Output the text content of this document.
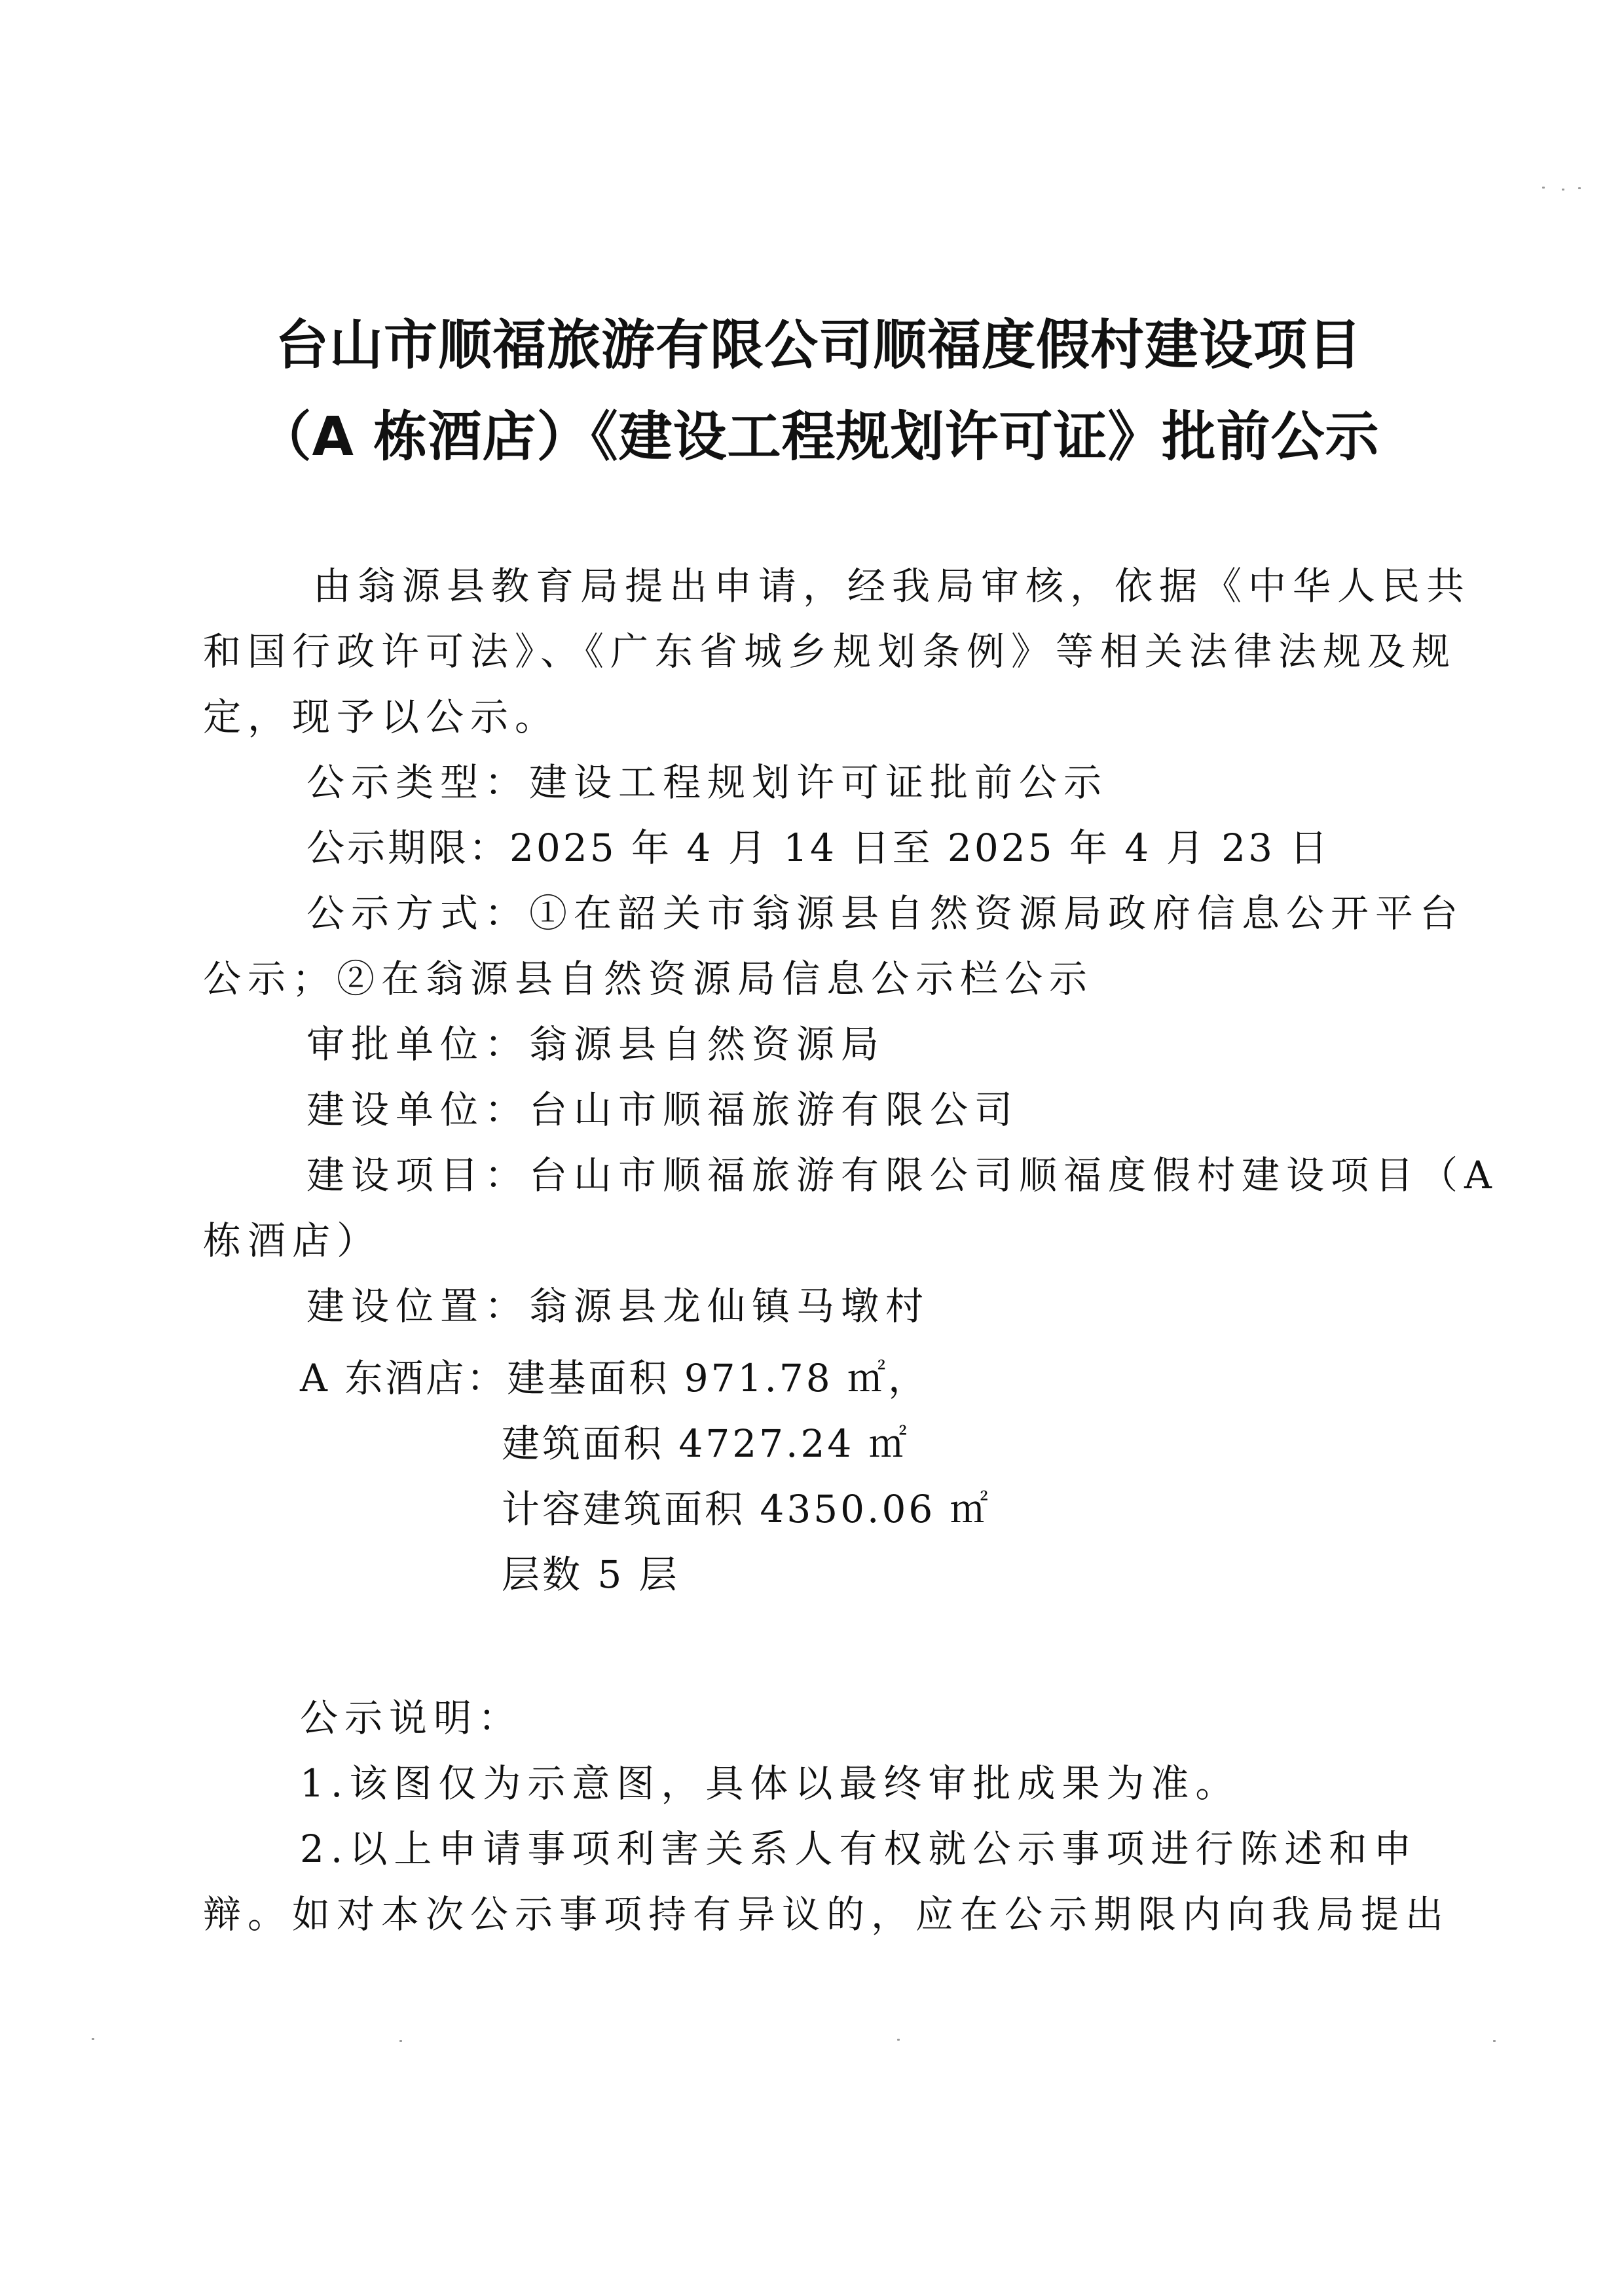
台山市顺福旅游有限公司顺福度假村建设项目
（A 栋酒店）《建设工程规划许可证》批前公示
由翁源县教育局提出申请，经我局审核，依据《中华人民共
和国行政许可法》、《广东省城乡规划条例》等相关法律法规及规
定，现予以公示。
公示类型：建设工程规划许可证批前公示
公示期限：2025 年 4 月 14 日至 2025 年 4 月 23 日
公示方式：①在韶关市翁源县自然资源局政府信息公开平台
公示；②在翁源县自然资源局信息公示栏公示
审批单位：翁源县自然资源局
建设单位：台山市顺福旅游有限公司
建设项目：台山市顺福旅游有限公司顺福度假村建设项目（A
栋酒店）
建设位置：翁源县龙仙镇马墩村
A 东酒店：建基面积 971.78 ㎡，
建筑面积 4727.24 ㎡
计容建筑面积 4350.06 ㎡
层数 5 层
公示说明：
1.该图仅为示意图，具体以最终审批成果为准。
2.以上申请事项利害关系人有权就公示事项进行陈述和申
辩。如对本次公示事项持有异议的，应在公示期限内向我局提出
